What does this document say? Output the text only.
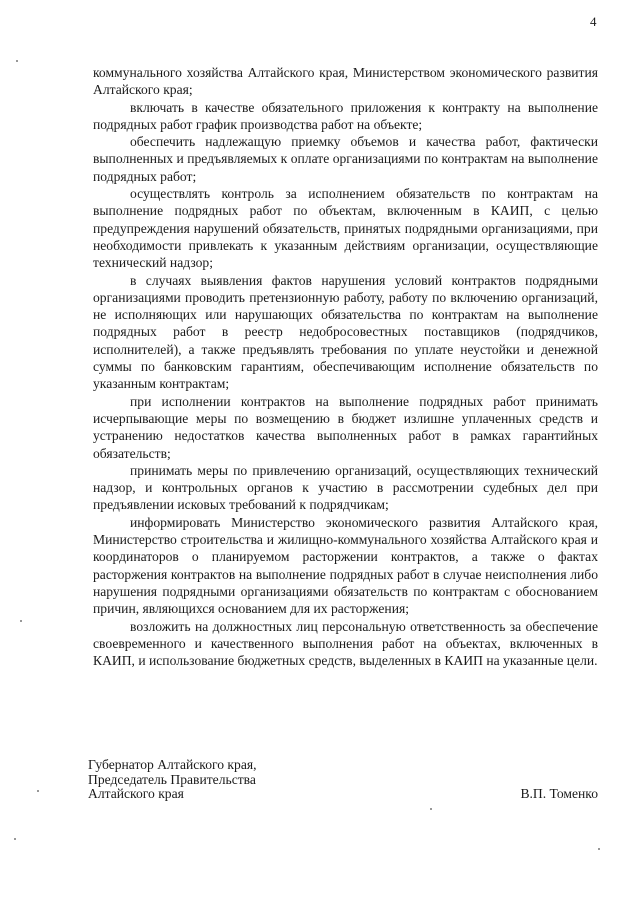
4

коммунального хозяйства Алтайского края, Министерством экономического развития Алтайского края;

включать в качестве обязательного приложения к контракту на выполнение подрядных работ график производства работ на объекте;

обеспечить надлежащую приемку объемов и качества работ, фактически выполненных и предъявляемых к оплате организациями по контрактам на выполнение подрядных работ;

осуществлять контроль за исполнением обязательств по контрактам на выполнение подрядных работ по объектам, включенным в КАИП, с целью предупреждения нарушений обязательств, принятых подрядными организациями, при необходимости привлекать к указанным действиям организации, осуществляющие технический надзор;

в случаях выявления фактов нарушения условий контрактов подрядными организациями проводить претензионную работу, работу по включению организаций, не исполняющих или нарушающих обязательства по контрактам на выполнение подрядных работ в реестр недобросовестных поставщиков (подрядчиков, исполнителей), а также предъявлять требования по уплате неустойки и денежной суммы по банковским гарантиям, обеспечивающим исполнение обязательств по указанным контрактам;

при исполнении контрактов на выполнение подрядных работ принимать исчерпывающие меры по возмещению в бюджет излишне уплаченных средств и устранению недостатков качества выполненных работ в рамках гарантийных обязательств;

принимать меры по привлечению организаций, осуществляющих технический надзор, и контрольных органов к участию в рассмотрении судебных дел при предъявлении исковых требований к подрядчикам;

информировать Министерство экономического развития Алтайского края, Министерство строительства и жилищно-коммунального хозяйства Алтайского края и координаторов о планируемом расторжении контрактов, а также о фактах расторжения контрактов на выполнение подрядных работ в случае неисполнения либо нарушения подрядными организациями обязательств по контрактам с обоснованием причин, являющихся основанием для их расторжения;

возложить на должностных лиц персональную ответственность за обеспечение своевременного и качественного выполнения работ на объектах, включенных в КАИП, и использование бюджетных средств, выделенных в КАИП на указанные цели.

Губернатор Алтайского края,
Председатель Правительства
Алтайского края	В.П. Томенко
